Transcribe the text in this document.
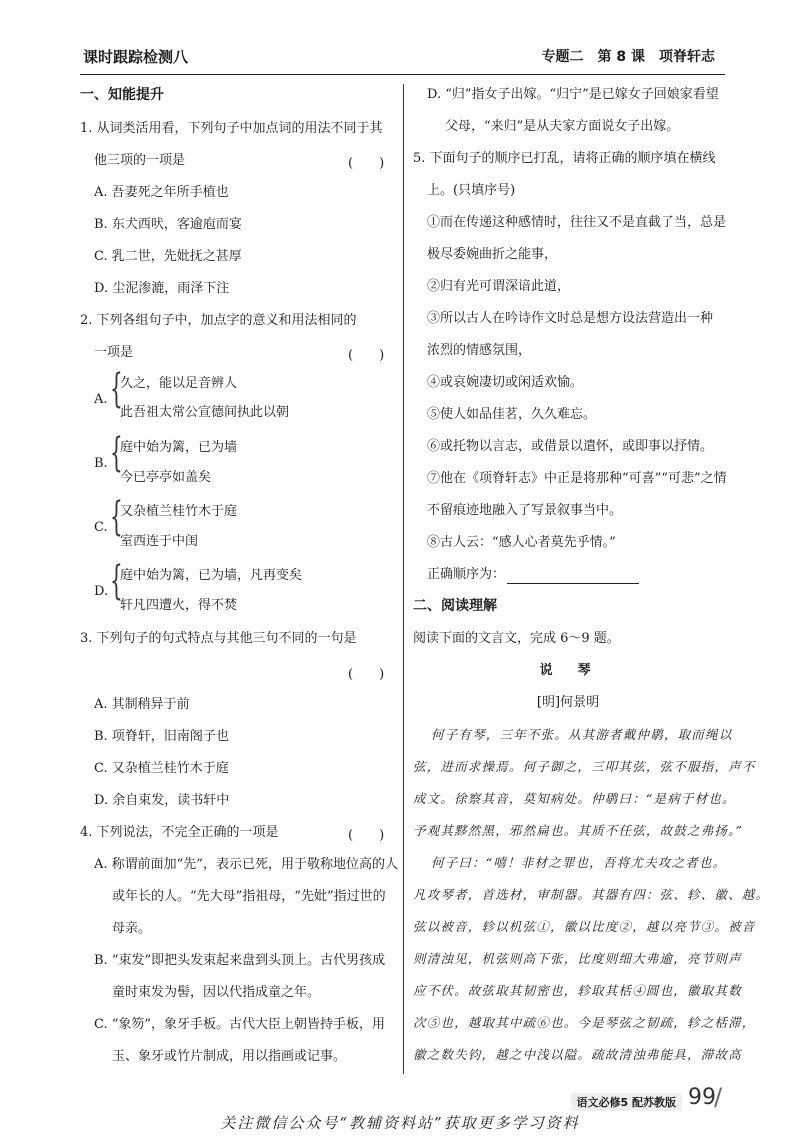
课时跟踪检测八	专题二　第 8 课　项脊轩志
一、知能提升
1. 从词类活用看，下列句子中加点词的用法不同于其
他三项的一项是	(　　)
A. 吾妻死之年所手植也
B. 东犬西吠，客逾庖而宴
C. 乳二世，先妣抚之甚厚
D. 尘泥渗漉，雨泽下注
2. 下列各组句子中，加点字的意义和用法相同的
一项是	(　　)
A. {
久之，能以足音辨人
此吾祖太常公宣德间执此以朝
B. {
庭中始为篱，已为墙
今已亭亭如盖矣
C. {
又杂植兰桂竹木于庭
室西连于中闺
D. {
庭中始为篱，已为墙，凡再变矣
轩凡四遭火，得不焚
3. 下列句子的句式特点与其他三句不同的一句是
(　　)
A. 其制稍异于前
B. 项脊轩，旧南阁子也
C. 又杂植兰桂竹木于庭
D. 余自束发，读书轩中
4. 下列说法，不完全正确的一项是	(　　)
A. 称谓前面加“先”，表示已死，用于敬称地位高的人
或年长的人。“先大母”指祖母，“先妣”指过世的
母亲。
B. “束发”即把头发束起来盘到头顶上。古代男孩成
童时束发为髻，因以代指成童之年。
C. “象笏”，象牙手板。古代大臣上朝皆持手板，用
玉、象牙或竹片制成，用以指画或记事。
D. “归”指女子出嫁。“归宁”是已嫁女子回娘家看望
父母，“来归”是从夫家方面说女子出嫁。
5. 下面句子的顺序已打乱，请将正确的顺序填在横线
上。(只填序号)
①而在传递这种感情时，往往又不是直截了当，总是
极尽委婉曲折之能事，
②归有光可谓深谙此道，
③所以古人在吟诗作文时总是想方设法营造出一种
浓烈的情感氛围，
④或哀婉凄切或闲适欢愉。
⑤使人如品佳茗，久久难忘。
⑥或托物以言志，或借景以遣怀，或即事以抒情。
⑦他在《项脊轩志》中正是将那种“可喜”“可悲”之情
不留痕迹地融入了写景叙事当中。
⑧古人云：“感人心者莫先乎情。”
正确顺序为：
二、阅读理解
阅读下面的文言文，完成 6～9 题。
说　琴
[明]何景明
何子有琴，三年不张。从其游者戴仲鹖，取而绳以
弦，进而求操焉。何子御之，三叩其弦，弦不服指，声不
成文。徐察其音，莫知病处。仲鹖曰：“是病于材也。
予观其黟然黑，邪然扁也。其质不任弦，故鼓之弗扬。”
何子曰：“嘻！非材之罪也，吾将尤夫攻之者也。
凡攻琴者，首选材，审制器。其器有四：弦、轸、徽、越。
弦以被音，轸以机弦①，徽以比度②，越以亮节③。被音
则清浊见，机弦则高下张，比度则细大弗逾，亮节则声
应不伏。故弦取其韧密也，轸取其栝④圆也，徽取其数
次⑤也，越取其中疏⑥也。今是琴弦之韧疏，轸之栝滞，
徽之数失钧，越之中浅以隘。疏故清浊弗能具，滞故高
语文必修5 配苏教版 99
/
关注微信公众号“教辅资料站”获取更多学习资料
